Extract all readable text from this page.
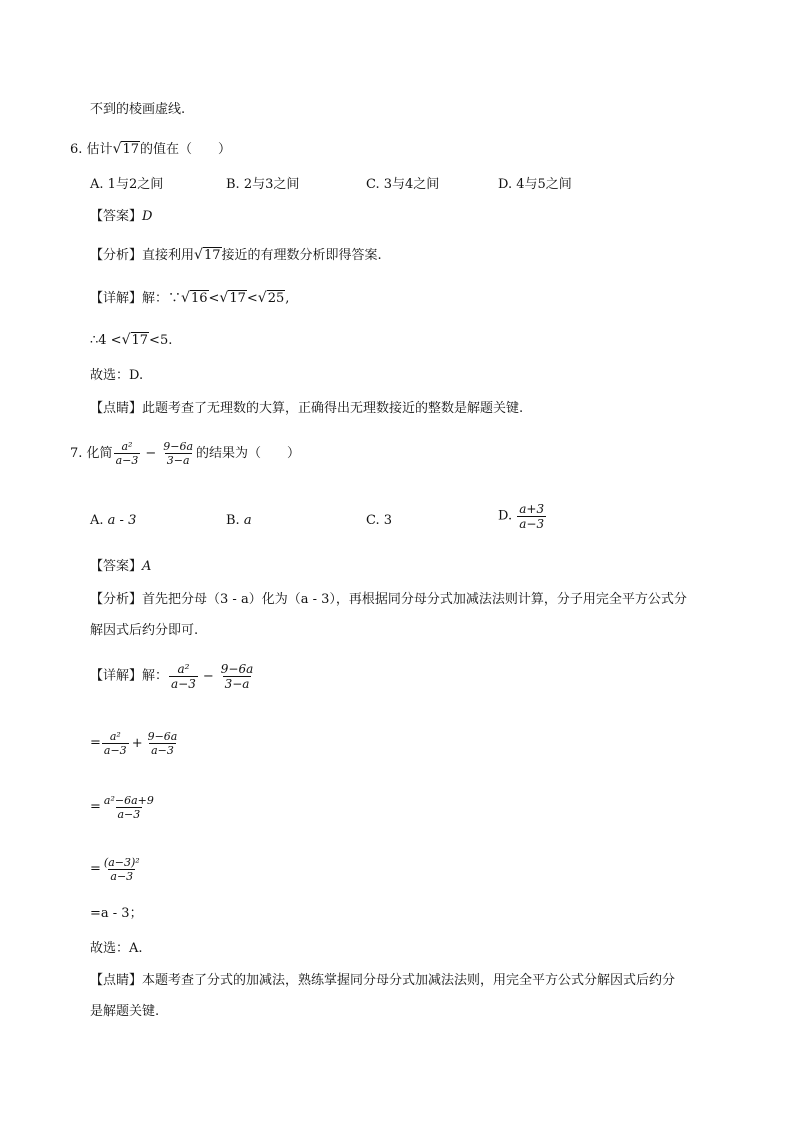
不到的棱画虚线.
6. 估计√17的值在（　　）
A. 1与2之间	B. 2与3之间	C. 3与4之间	D. 4与5之间
【答案】D
【分析】直接利用√17接近的有理数分析即得答案.
【详解】解：∵√16<√17<√25,
∴4 <√17<5.
故选：D.
【点睛】此题考查了无理数的大算，正确得出无理数接近的整数是解题关键.
7. 化简 $\frac{\text{a²}}{a-3} - \frac{9-6a}{3-a}$ 的结果为（　　）
A. a - 3	B. a	C. 3	D. $\frac{a+3}{a-3}$
【答案】A
【分析】首先把分母（3 - a）化为（a - 3），再根据同分母分式加减法法则计算，分子用完全平方公式分
解因式后约分即可.
【详解】解： $\frac{\text{a²}}{a-3} - \frac{9-6a}{3-a}$
= $\frac{\text{a²}}{a-3} + \frac{9-6a}{a-3}$
= $\frac{\text{a²−6a+9}}{a-3}$
= $\frac{\text{(a−3)²}}{a-3}$
=a - 3；
故选：A.
【点睛】本题考查了分式的加减法，熟练掌握同分母分式加减法法则，用完全平方公式分解因式后约分
是解题关键.
